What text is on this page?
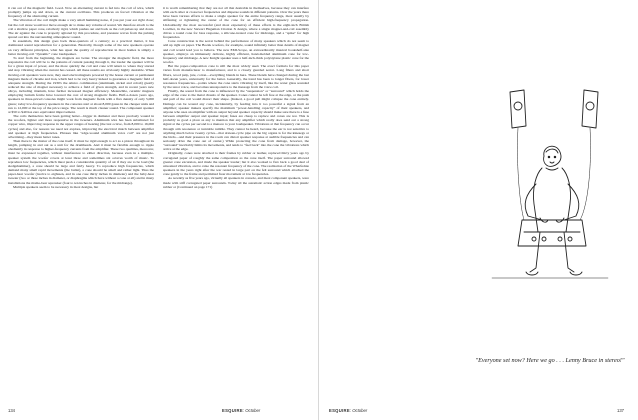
it can out of the magnetic field. Good. Now an alternating current is fed into the coil of wire, which promptly jumps up and down, as the current oscillates. This produces an forced vibration at the frequency of the alternating current.

The vibration of the coil might make a very small humming noise, if you put your ear right close; but the coil alone would not move enough air to make any volume of sound. We therefore attach to the coil a shallow paper cone, relatively rigid, which pushes out and back as the coil pulses up and down. The air against the cone is properly agitated by this procedure, and pressure waves from the pulsing spread out into the surrounding atmosphere: sound.

In essentials, this design goes back three-quarters of a century; as a practical matter, it has dominated sound reproduction for a generation. Basically, though some of the new speakers operate on very different principles, what has upset the quality of reproduction in most homes is simply a better moving-coil "dynamic" cone loudspeaker.

To start from the beginning, the magnets are better. The stronger the magnetic field, the more responsive the coil will be to the patterns of current passing through it, the louder the speaker will be for a given input of power, and the more quickly the coil and cone will return to where they started and stop vibrating when the current has ceased. All these results are obviously highly desirable. When moving-coil speakers were new, they used electromagnets powered by the house current or permanent magnets made of chrome and iron, which had to be very heavy indeed to guarantee a magnetic field of adequate strength. During the 1930's the Alnico combination (aluminum, nickel and cobalt) greatly reduced the size of magnet necessary to achieve a field of given strength, and in recent years new alloys, including titanium, have further increased magnet efficiency. Meanwhile, ceramic magnets employing barium ferrite have lowered the cost of strong magnetic fields. Half-a-dozen years ago, speakers in three-priced consoles might work from magnetic fields with a flux density of only 5,000 gauss; today low-frequency speakers in the consoles start at about 8,000 gauss in the cheaper units and run to 12,000 at the top of the price range. The result is much cleaner sound. The component speaker at $50 to $40 has zero equivalent improvement.

The coils themselves have been getting better—bigger in diameter and more precisely wound in the woofers, lighter and more responsive in the tweeters. Aluminum wire has been substituted for copper wire, improving response in the upper ranges of hearing (the last octave, from 8,000 to 16,000 cycles) and also, for reasons we need not explore, improving the electrical match between amplifier and speaker at high frequencies. Phrases like "edge-wound aluminum voice coil" are not just advertising—they mean better tones.

Then there is the matter of the cone itself. It must be rigid enough to act as a piston throughout its length, pumping in and out as a unit for the drumheads. And it must be flexible enough to ripple obediently in response to higher-frequency currents from the amplifier. These two qualities, moreover, must be expressed together, without interference to either direction, because even in a multiple-speaker system the woofer covers at least three and sometimes six octaves worth of music. To reproduce low frequencies, which must push a considerable quantity of air if they are to be loud (the sledgehammer), a cone should be large and fairly heavy. To reproduce high frequencies, which demand many small rapid movements (the bullet), a cone should be small and rather light. Thus the paper-hear woofer (twelve to eighteen, and in one case thirty inches in diameter) and the baby-hear tweeter (two or three inches in diameter, or diaphragms which have without a cone at all) and in many installations the mama-bear squawker (four to ten inches in diameter, for the midrange).

Multiple speakers seem to be necessary in most designs, but

it is worth remembering that they are not all that desirable in themselves, because they can interfere with each other at crossover frequencies and disperse sounds in different patterns. Over the years there have been various efforts to make a single speaker for the entire frequency range, most usually by stiffening or tightening the center of the cone for an efficient high-frequency propagation. Undoubtedly the most successful (and most expensive) of these efforts is the eight-inch British Lowther, in the new Stewart Hageman Citation X design, where a single magnet-and-coil assembly drives a round cone for bass response, a silicone-treated cone for midrange, and a "spike" for high frequencies.

Cone construction is the secret behind the performance of many speakers which do not seem to add up right on paper. The Bozak woofers, for example, sound infinitely better than details of magnet and coil would lead you to believe. The new EMI-Scope, an extraordinarily musical bookshelf-size speaker, employs an immensely delicate, highly efficient, hand-molded aluminum cone for low-frequency and midrange. A new Knight speaker uses a half-inch-thick polystyrene plastic cone for the woofer.

But the paper-composition cone is still the most widely used. The exact formula for this paper varies from manufacturer to manufacturer, and is a closely guarded secret. Long fibers and short fibers, wood pulp, jute, cotton—everything blends in here. These blends have changed during the last half-dozen years, universally for the better. Generally, the trend has been to longer fibers, for lower resonance frequencies—points where the cone starts vibrating by itself, like the water glass sounded by the tenor voice, and becomes unresponsive to the message from the voice coil.

Finally, the sound from the cone is influenced by the "suspension" or "surround" which holds the edge of the cone to the metal chassis of the speaker. Cones cannot be left free at the edge, or the push and pull of the coil would distort their shape. (Indeed, a good pull might collapse the cone entirely. Damage can be wound any cone, incidentally, by feeding into it too powerful a signal from an amplifier; speaker makers specify the maximum "power-handling capacity" of their speakers, and anyone who uses an amplifier with an output beyond speaker capacity should make sure there is a fuse between amplifier output and speaker input; fuses are cheap to replace and cones are not. This is probably as good a place as any to mention that any amplifier which really does send out a strong signal at the cycles per second is a menace to your loudspeaker. Vibrations at that frequency can occur through arm resonance or turntable rumble. They cannot be heard, because the ear is not sensitive to anything much below twenty cycles—that sixteen-cycle pipe on the big organs is for the kinesegs or the birds—and their presence in the room can distort speaker response at audible frequencies and can seriously drive the cone out of center.) While protecting the cone from damage, however, the "surround" inevitably limits its movements, and tends to "feel back" into the cone the vibrations which arrive at the edge.

Originally, cones were attached to their frames by rubber or leather, replaced thirty years ago by corrugated paper of roughly the same composition as the cone itself. The paper surround allowed greater cone excursion, and made the speaker louder; but it also worked to flex back a good deal of unwanted vibration, and to raise the resonant frequency of the cone. The realization of the Wharfedale speakers in the years right after the war rested in large part on the felt surround which attached the cone gently to the frame and permitted freer movement at low frequencies.

As recently as five years ago, virtually all speakers in console, and most component speakers, were made with stiff corrugated paper surrounds. Today all the automatic action edges made from plastic rubber or (Continued on page 171)

134	ESQUIRE: October
"Everyone set now? Here we go . . . Lenny Bruce in stereo!"
ESQUIRE: October	137
